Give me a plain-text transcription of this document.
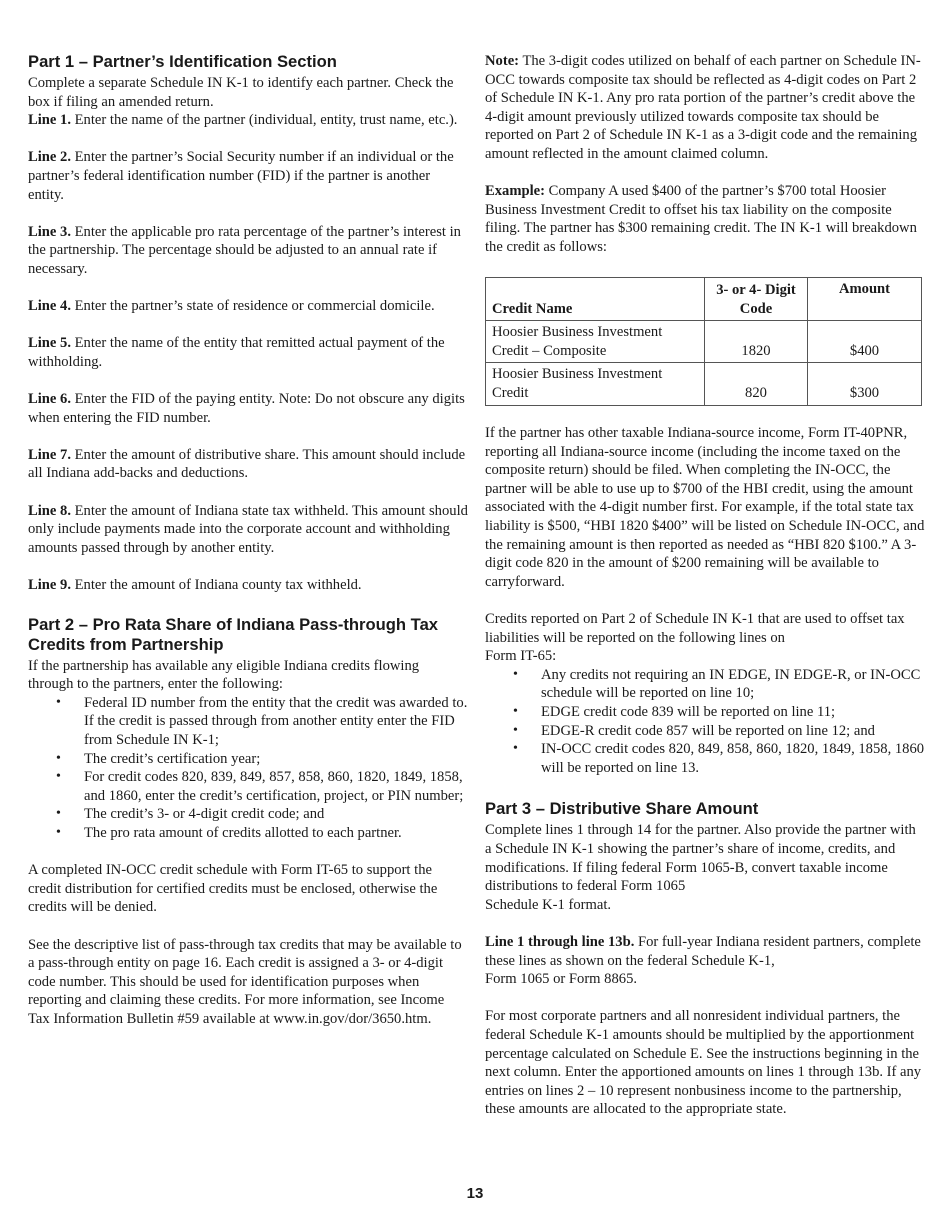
Part 1 – Partner’s Identification Section

Complete a separate Schedule IN K-1 to identify each partner. Check the box if filing an amended return.

Line 1. Enter the name of the partner (individual, entity, trust name, etc.).

Line 2. Enter the partner’s Social Security number if an individual or the partner’s federal identification number (FID) if the partner is another entity.

Line 3. Enter the applicable pro rata percentage of the partner’s interest in the partnership. The percentage should be adjusted to an annual rate if necessary.

Line 4. Enter the partner’s state of residence or commercial domicile.

Line 5. Enter the name of the entity that remitted actual payment of the withholding.

Line 6. Enter the FID of the paying entity. Note: Do not obscure any digits when entering the FID number.

Line 7. Enter the amount of distributive share. This amount should include all Indiana add-backs and deductions.

Line 8. Enter the amount of Indiana state tax withheld. This amount should only include payments made into the corporate account and withholding amounts passed through by another entity.

Line 9. Enter the amount of Indiana county tax withheld.

Part 2 – Pro Rata Share of Indiana Pass-through Tax Credits from Partnership

If the partnership has available any eligible Indiana credits flowing through to the partners, enter the following:

• Federal ID number from the entity that the credit was awarded to. If the credit is passed through from another entity enter the FID from Schedule IN K-1;
• The credit’s certification year;
• For credit codes 820, 839, 849, 857, 858, 860, 1820, 1849, 1858, and 1860, enter the credit’s certification, project, or PIN number;
• The credit’s 3- or 4-digit credit code; and
• The pro rata amount of credits allotted to each partner.

A completed IN-OCC credit schedule with Form IT-65 to support the credit distribution for certified credits must be enclosed, otherwise the credits will be denied.

See the descriptive list of pass-through tax credits that may be available to a pass-through entity on page 16. Each credit is assigned a 3- or 4-digit code number. This should be used for identification purposes when reporting and claiming these credits. For more information, see Income Tax Information Bulletin #59 available at www.in.gov/dor/3650.htm.

Note: The 3-digit codes utilized on behalf of each partner on Schedule IN-OCC towards composite tax should be reflected as 4-digit codes on Part 2 of Schedule IN K-1. Any pro rata portion of the partner’s credit above the 4-digit amount previously utilized towards composite tax should be reported on Part 2 of Schedule IN K-1 as a 3-digit code and the remaining amount reflected in the amount claimed column.

Example: Company A used $400 of the partner’s $700 total Hoosier Business Investment Credit to offset his tax liability on the composite filing. The partner has $300 remaining credit. The IN K-1 will breakdown the credit as follows:

Credit Name	3- or 4- Digit Code	Amount
Hoosier Business Investment Credit – Composite	1820	$400
Hoosier Business Investment Credit	820	$300

If the partner has other taxable Indiana-source income, Form IT-40PNR, reporting all Indiana-source income (including the income taxed on the composite return) should be filed. When completing the IN-OCC, the partner will be able to use up to $700 of the HBI credit, using the amount associated with the 4-digit number first. For example, if the total state tax liability is $500, “HBI 1820 $400” will be listed on Schedule IN-OCC, and the remaining amount is then reported as needed as “HBI 820 $100.” A 3-digit code 820 in the amount of $200 remaining will be available to carryforward.

Credits reported on Part 2 of Schedule IN K-1 that are used to offset tax liabilities will be reported on the following lines on
Form IT-65:

• Any credits not requiring an IN EDGE, IN EDGE-R, or IN-OCC schedule will be reported on line 10;
• EDGE credit code 839 will be reported on line 11;
• EDGE-R credit code 857 will be reported on line 12; and
• IN-OCC credit codes 820, 849, 858, 860, 1820, 1849, 1858, 1860 will be reported on line 13.
Part 3 – Distributive Share Amount

Complete lines 1 through 14 for the partner. Also provide the partner with a Schedule IN K-1 showing the partner’s share of income, credits, and modifications. If filing federal Form 1065-B, convert taxable income distributions to federal Form 1065
Schedule K-1 format.

Line 1 through line 13b. For full-year Indiana resident partners, complete these lines as shown on the federal Schedule K-1,
Form 1065 or Form 8865.

For most corporate partners and all nonresident individual partners, the federal Schedule K-1 amounts should be multiplied by the apportionment percentage calculated on Schedule E. See the instructions beginning in the next column. Enter the apportioned amounts on lines 1 through 13b. If any entries on lines 2 – 10 represent nonbusiness income to the partnership, these amounts are allocated to the appropriate state.

13
